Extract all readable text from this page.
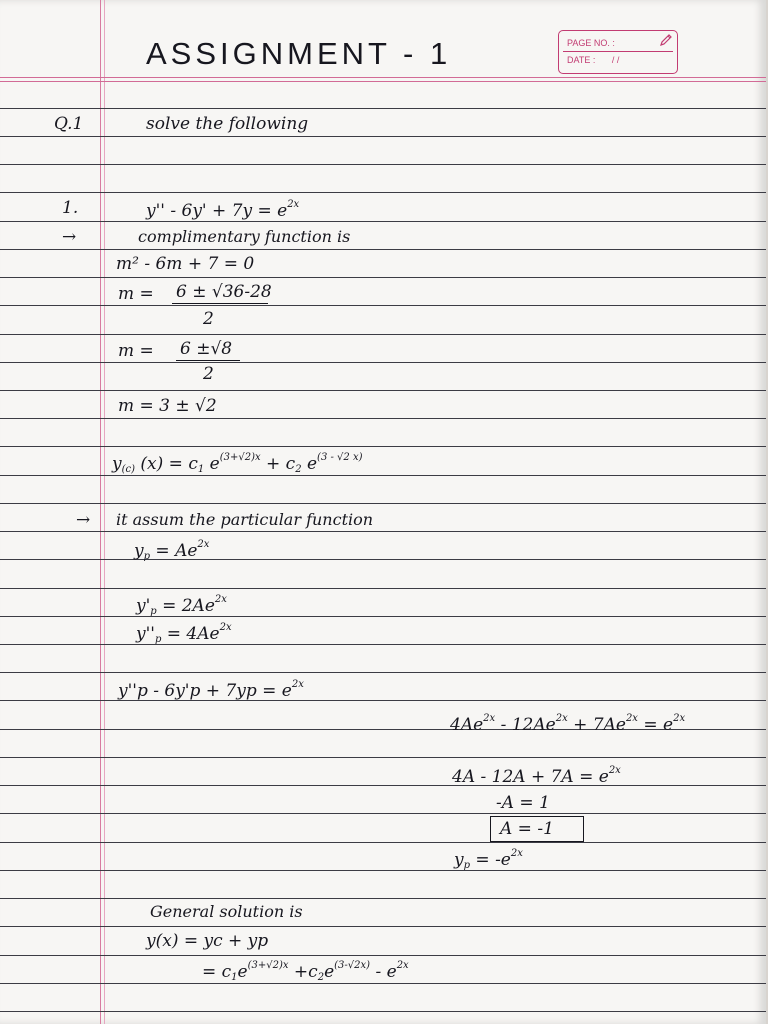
ASSIGNMENT - 1	PAGE NO. :
DATE : / /
Q.1	solve the following
1.	$y'' - 6y' + 7y = e^{2x}$
→	complimentary function is
m² - 6m + 7 = 0
m = 6 ± √36-28
2
m = 6 ±√8
2
m = 3 ± √2
$y_{(c)}$ $(x) = c_1$ $e^{(3+√2)x} + c_2$ $e^{(3 - √2 x)}$
→ it assum the particular function
$y_p = Ae^{2x}$
$y'_p = 2Ae^{2x}$
$y''_p = 4Ae^{2x}$
$y''p - 6y'p + 7yp = e^{2x}$
$4Ae^{2x} - 12Ae^{2x} + 7Ae^{2x} = e^{2x}$
$4A - 12A + 7A = e^{2x}$
-A = 1
A = -1
$y_p = -e^{2x}$
General solution is
y(x) = yc + yp
= $c_1e^{(3+√2)x} +c_2e^{(3-√2x)} - e^{2x}$
